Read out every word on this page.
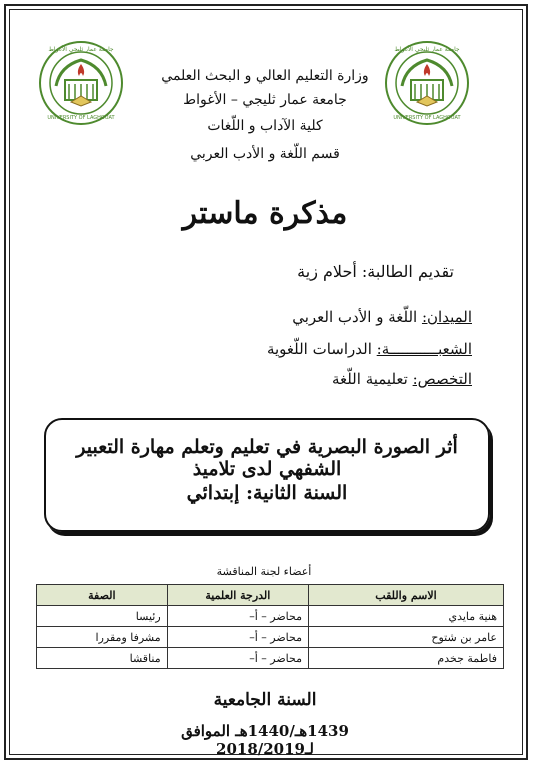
UNIVERSITY OF LAGHOUAT
جامعة عمار ثليجي الأغواط
UNIVERSITY OF LAGHOUAT
جامعة عمار ثليجي الأغواط
وزارة التعليم العالي و البحث العلمي
جامعة عمار ثليجي – الأغواط
كلية الآداب و اللّغات
قسم اللّغة و الأدب العربي
مذكرة ماستر
تقديم الطالبة: أحلام زية
الميدان: اللّغة و الأدب العربي
الشعبـــــــــــة: الدراسات اللّغوية
التخصص: تعليمية اللّغة
أثر الصورة البصرية في تعليم وتعلم مهارة التعبير الشفهي لدى تلاميذ
السنة الثانية: إبتدائي
أعضاء لجنة المناقشة
الاسم واللقب	الدرجة العلمية	الصفة
هنية مايدي	محاضر – أ–	رئيسا
عامر بن شتوح	محاضر – أ–	مشرفا ومقررا
فاطمة جخدم	محاضر – أ–	مناقشا
السنة الجامعية
1439هـ/1440هـ الموافق لـ2018/2019
